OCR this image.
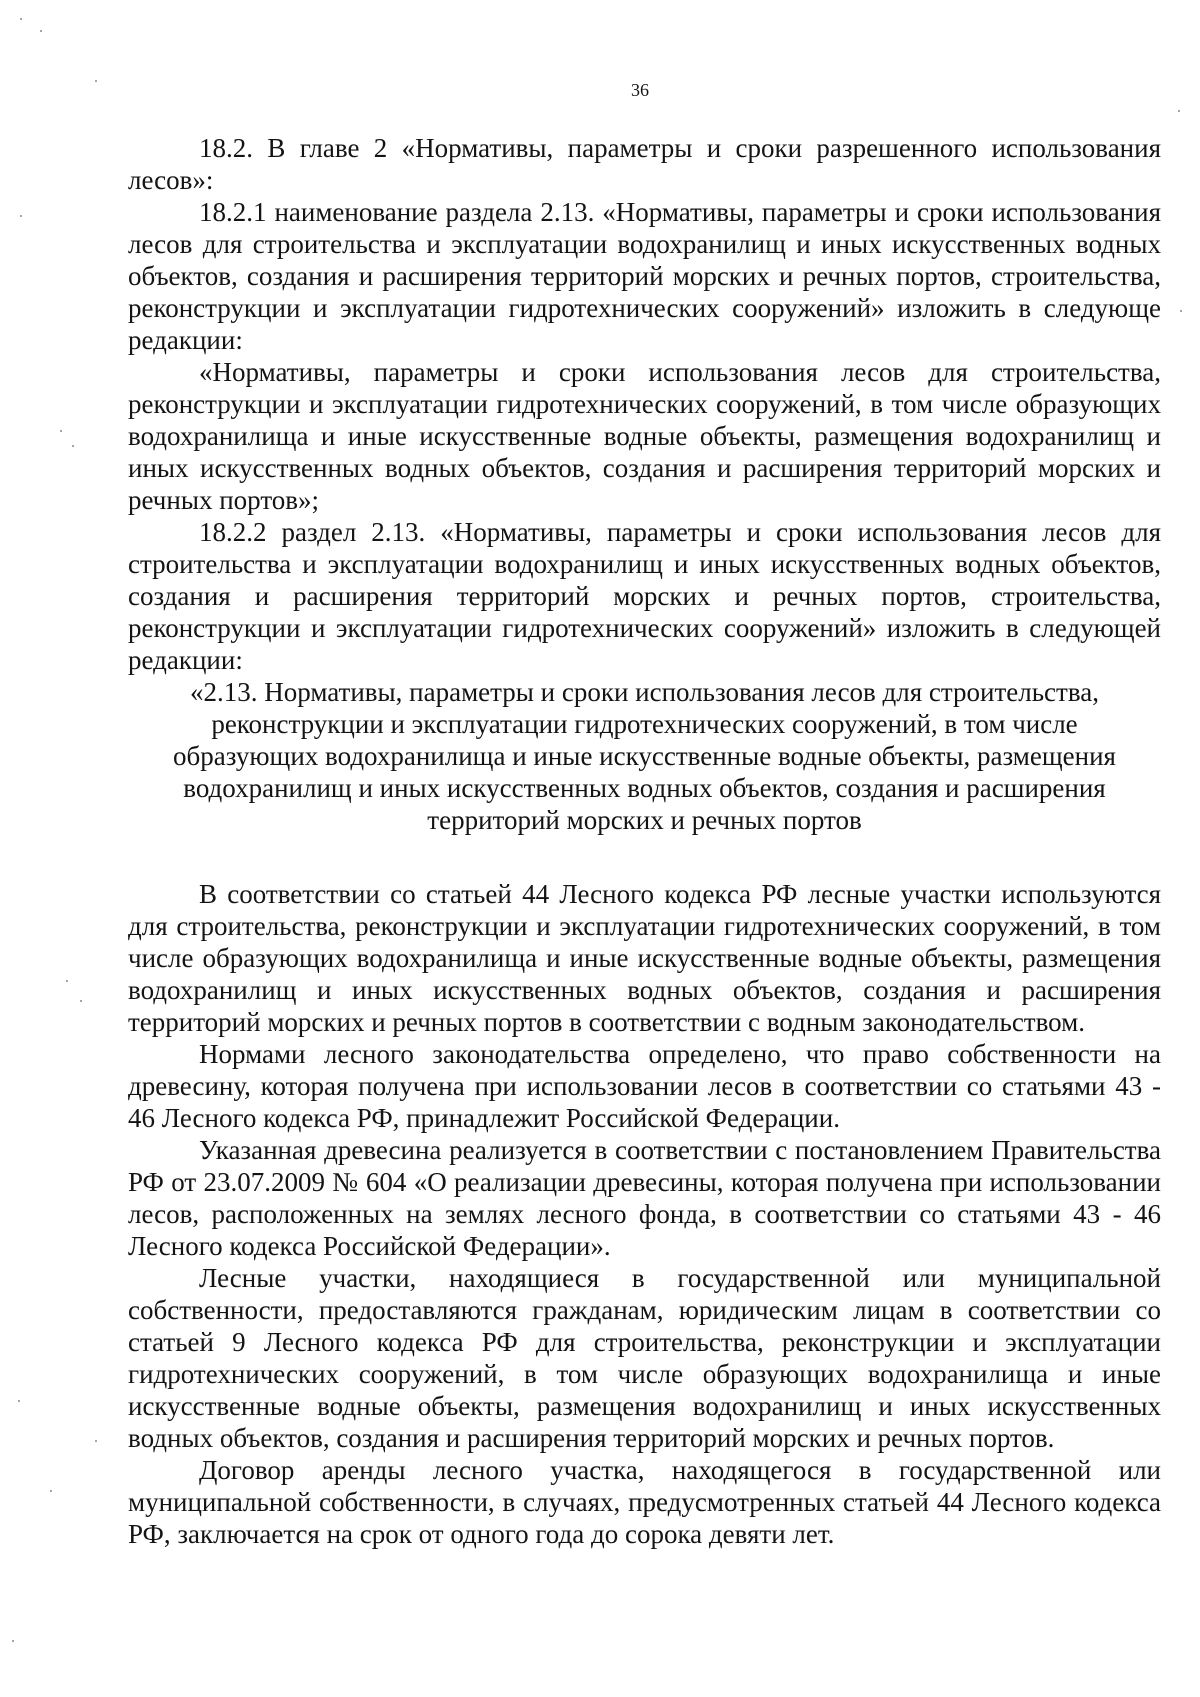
36

18.2. В главе 2 «Нормативы, параметры и сроки разрешенного использования лесов»:

18.2.1 наименование раздела 2.13. «Нормативы, параметры и сроки использования лесов для строительства и эксплуатации водохранилищ и иных искусственных водных объектов, создания и расширения территорий морских и речных портов, строительства, реконструкции и эксплуатации гидротехнических сооружений» изложить в следующе редакции:

«Нормативы, параметры и сроки использования лесов для строительства, реконструкции и эксплуатации гидротехнических сооружений, в том числе образующих водохранилища и иные искусственные водные объекты, размещения водохранилищ и иных искусственных водных объектов, создания и расширения территорий морских и речных портов»;

18.2.2 раздел 2.13. «Нормативы, параметры и сроки использования лесов для строительства и эксплуатации водохранилищ и иных искусственных водных объектов, создания и расширения территорий морских и речных портов, строительства, реконструкции и эксплуатации гидротехнических сооружений» изложить в следующей редакции:

«2.13. Нормативы, параметры и сроки использования лесов для строительства,
реконструкции и эксплуатации гидротехнических сооружений, в том числе
образующих водохранилища и иные искусственные водные объекты, размещения
водохранилищ и иных искусственных водных объектов, создания и расширения
территорий морских и речных портов

В соответствии со статьей 44 Лесного кодекса РФ лесные участки используются для строительства, реконструкции и эксплуатации гидротехнических сооружений, в том числе образующих водохранилища и иные искусственные водные объекты, размещения водохранилищ и иных искусственных водных объектов, создания и расширения территорий морских и речных портов в соответствии с водным законодательством.

Нормами лесного законодательства определено, что право собственности на древесину, которая получена при использовании лесов в соответствии со статьями 43 - 46 Лесного кодекса РФ, принадлежит Российской Федерации.

Указанная древесина реализуется в соответствии с постановлением Правительства РФ от 23.07.2009 № 604 «О реализации древесины, которая получена при использовании лесов, расположенных на землях лесного фонда, в соответствии со статьями 43 - 46 Лесного кодекса Российской Федерации».

Лесные участки, находящиеся в государственной или муниципальной собственности, предоставляются гражданам, юридическим лицам в соответствии со статьей 9 Лесного кодекса РФ для строительства, реконструкции и эксплуатации гидротехнических сооружений, в том числе образующих водохранилища и иные искусственные водные объекты, размещения водохранилищ и иных искусственных водных объектов, создания и расширения территорий морских и речных портов.

Договор аренды лесного участка, находящегося в государственной или муниципальной собственности, в случаях, предусмотренных статьей 44 Лесного кодекса РФ, заключается на срок от одного года до сорока девяти лет.
